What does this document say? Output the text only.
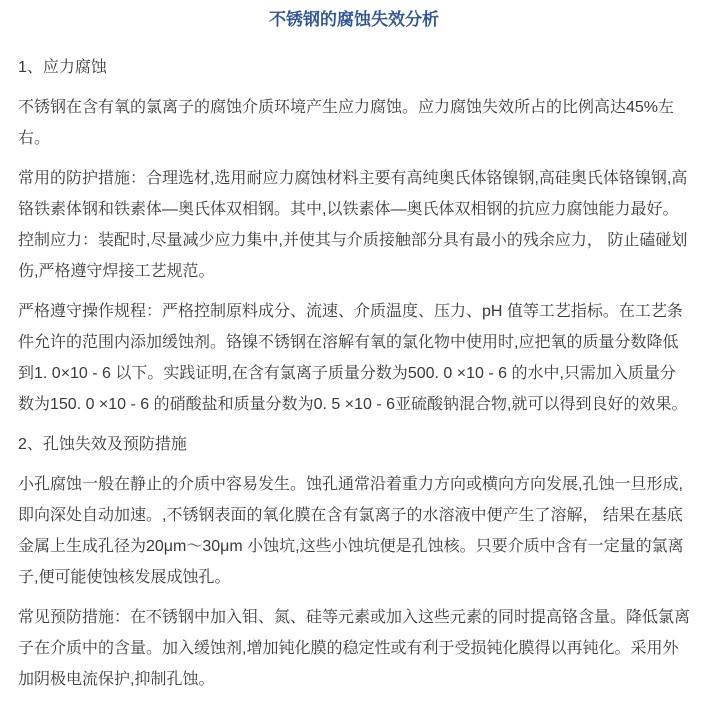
不锈钢的腐蚀失效分析

1、应力腐蚀

不锈钢在含有氧的氯离子的腐蚀介质环境产生应力腐蚀。应力腐蚀失效所占的比例高达45%左右。

常用的防护措施：合理选材,选用耐应力腐蚀材料主要有高纯奥氏体铬镍钢,高硅奥氏体铬镍钢,高铬铁素体钢和铁素体—奥氏体双相钢。其中,以铁素体—奥氏体双相钢的抗应力腐蚀能力最好。控制应力：装配时,尽量减少应力集中,并使其与介质接触部分具有最小的残余应力， 防止磕碰划伤,严格遵守焊接工艺规范。

严格遵守操作规程：严格控制原料成分、流速、介质温度、压力、pH 值等工艺指标。在工艺条件允许的范围内添加缓蚀剂。铬镍不锈钢在溶解有氧的氯化物中使用时,应把氧的质量分数降低到1. 0×10 - 6 以下。实践证明,在含有氯离子质量分数为500. 0 ×10 - 6 的水中,只需加入质量分数为150. 0 ×10 - 6 的硝酸盐和质量分数为0. 5 ×10 - 6亚硫酸钠混合物,就可以得到良好的效果。

2、孔蚀失效及预防措施

小孔腐蚀一般在静止的介质中容易发生。蚀孔通常沿着重力方向或横向方向发展,孔蚀一旦形成,即向深处自动加速。,不锈钢表面的氧化膜在含有氯离子的水溶液中便产生了溶解， 结果在基底金属上生成孔径为20μm～30μm 小蚀坑,这些小蚀坑便是孔蚀核。只要介质中含有一定量的氯离子,便可能使蚀核发展成蚀孔。

常见预防措施：在不锈钢中加入钼、氮、硅等元素或加入这些元素的同时提高铬含量。降低氯离子在介质中的含量。加入缓蚀剂,增加钝化膜的稳定性或有利于受损钝化膜得以再钝化。采用外加阴极电流保护,抑制孔蚀。
